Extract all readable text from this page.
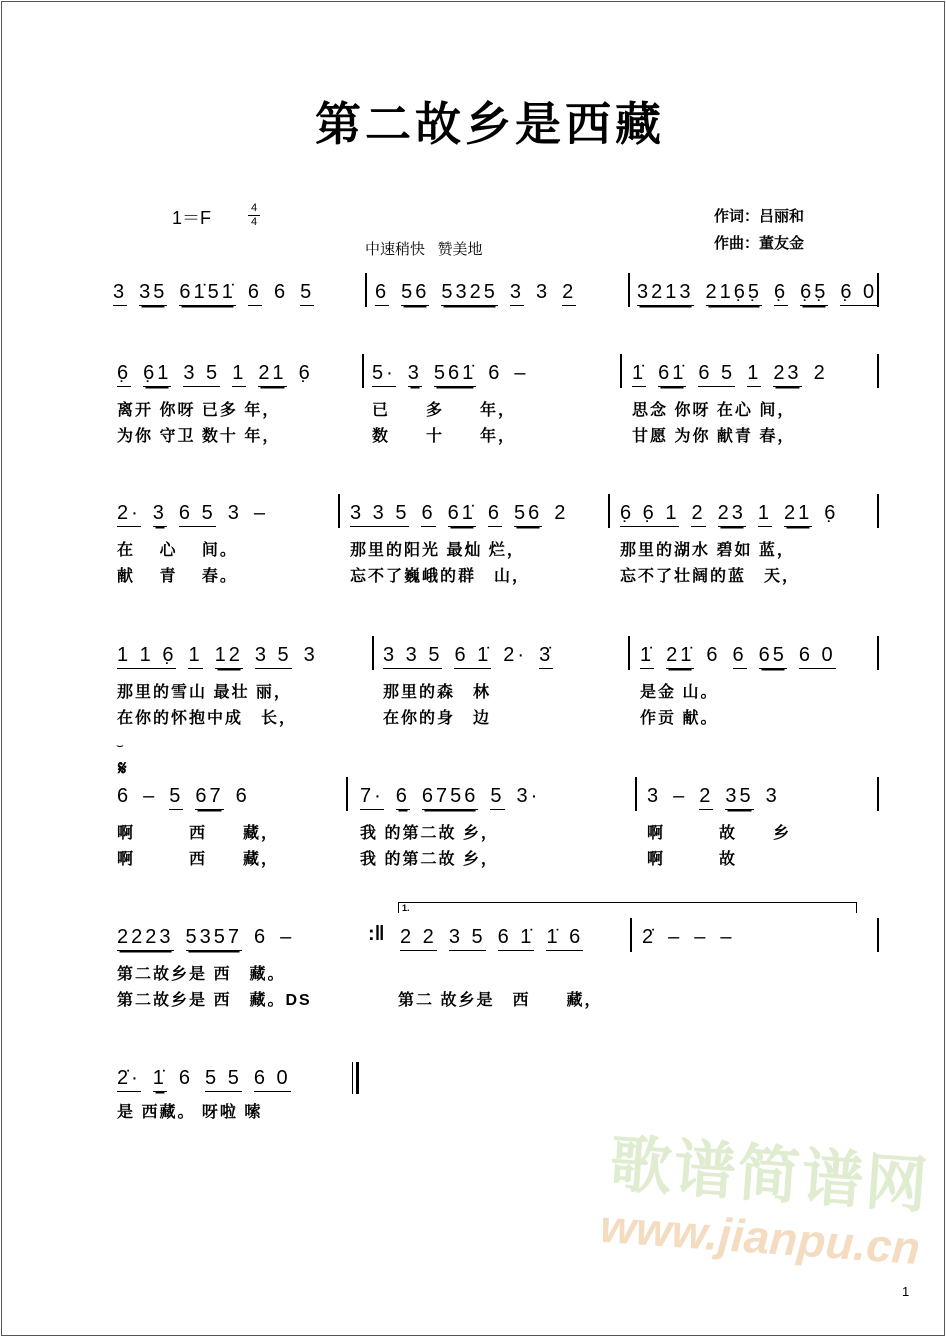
第二故乡是西藏
1＝F	4
4
中速稍快   赞美地
作词：吕丽和
作曲：董友金
⌣
𝄋
1.
:‖
歌谱简谱网
www.jianpu.cn
1
3 35 61̇51̇ 6 6 5	6 56 5325 3 3 2	3213 216̣5̣ 6̣ 6̣5̣ 6̣ 0
6̣ 6̣1 3 5 1 21 6̣	5· 3 561̇ 6 –	1̇ 61̇ 6 5 1 23 2
离开 你呀 已多 年，	已　　多　　年，	思念 你呀 在心 间，
为你 守卫 数十 年，	数　　十　　年，	甘愿 为你 献青 春，
2· 3 6 5 3 –	3 3 5 6 61̇ 6 56 2	6̣ 6̣ 1 2 23 1 21 6̣
在　 心　 间。	那里的阳光 最灿 烂，	那里的湖水 碧如 蓝，
献　 青　 春。	忘不了巍峨的群　山，	忘不了壮阔的蓝　天，
1 1 6̣ 1 12 3 5 3	3 3 5 6 1̇ 2· 3̇	1̇ 21̇ 6 6 65 6 0
那里的雪山 最壮 丽，	那里的森　林	是金 山。
在你的怀抱中成　长，	在你的身　边	作贡 献。
6 – 5 67 6	7· 6 6756 5 3·	3 – 2 35 3
啊　　　西　　藏，	我 的第二故 乡，	啊　　　故　　乡
啊　　　西　　藏，	我 的第二故 乡，	啊　　　故
2223 5357 6 –	2 2 3 5 6 1̇ 1̇ 6	2̇ – – –
第二故乡是 西　藏。
第二故乡是 西　藏。DS	第二 故乡是　西　　藏，
2̇· 1̇ 6 5 5 6 0
是 西藏。 呀啦 嗦
